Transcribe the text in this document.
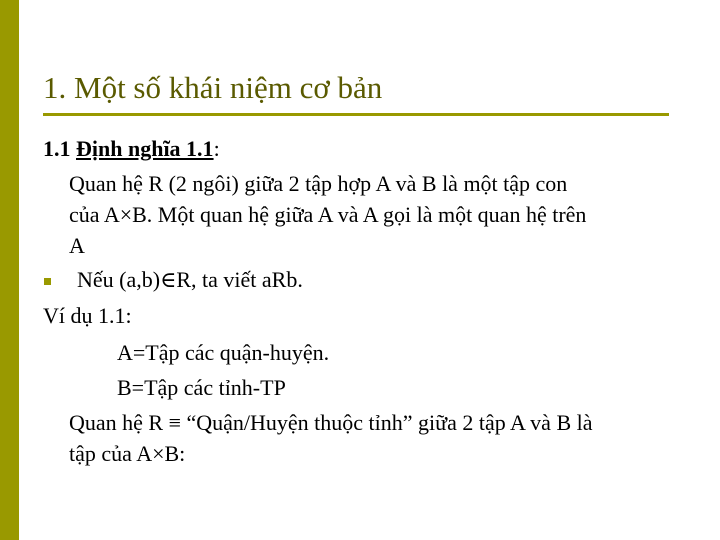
1. Một số khái niệm cơ bản
1.1 Định nghĩa 1.1:
Quan hệ R (2 ngôi) giữa 2 tập hợp A và B là một tập con
của A×B. Một quan hệ giữa A và A gọi là một quan hệ trên
A
Nếu (a,b)∈R, ta viết aRb.
Ví dụ 1.1:
A=Tập các quận-huyện.
B=Tập các tỉnh-TP
Quan hệ R ≡ “Quận/Huyện thuộc tỉnh” giữa 2 tập A và B là
tập của A×B:
